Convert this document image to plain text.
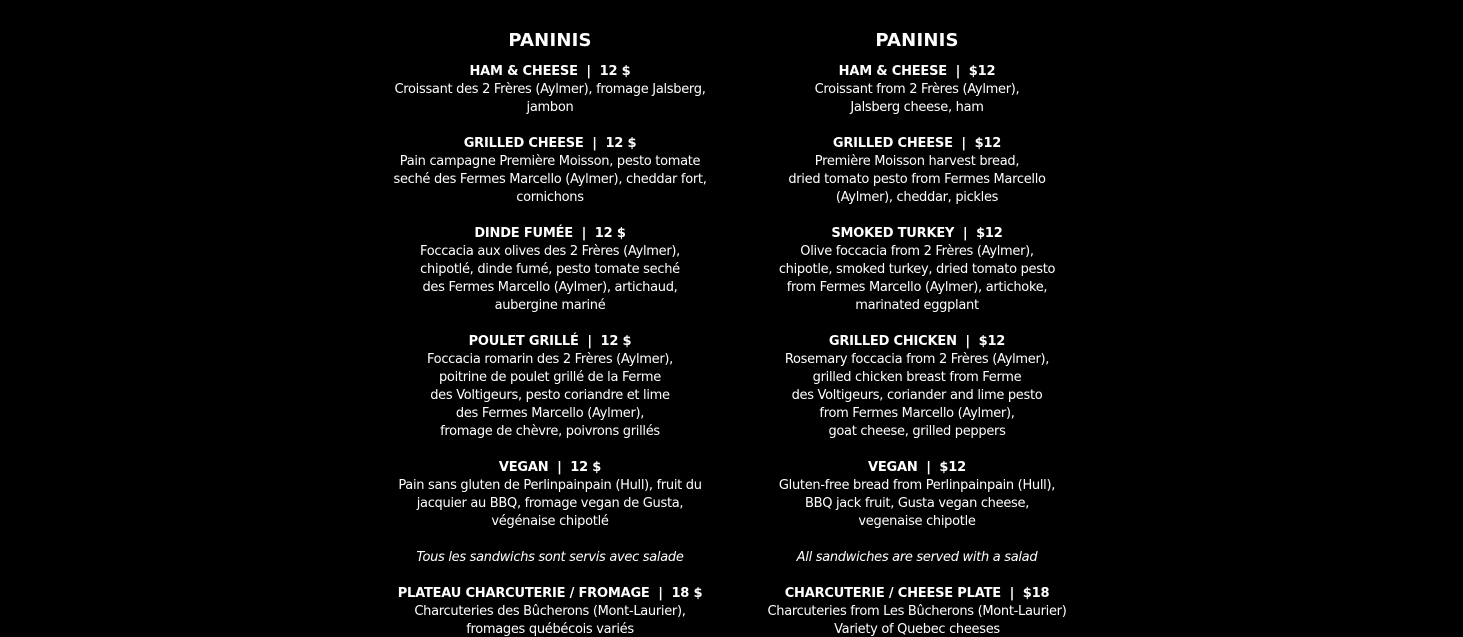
PANINIS
HAM & CHEESE  |  12 $
Croissant des 2 Frères (Aylmer), fromage Jalsberg,
jambon
GRILLED CHEESE  |  12 $
Pain campagne Première Moisson, pesto tomate
seché des Fermes Marcello (Aylmer), cheddar fort,
cornichons
DINDE FUMÉE  |  12 $
Foccacia aux olives des 2 Frères (Aylmer),
chipotlé, dinde fumé, pesto tomate seché
des Fermes Marcello (Aylmer), artichaud,
aubergine mariné
POULET GRILLÉ  |  12 $
Foccacia romarin des 2 Frères (Aylmer),
poitrine de poulet grillé de la Ferme
des Voltigeurs, pesto coriandre et lime
des Fermes Marcello (Aylmer),
fromage de chèvre, poivrons grillés
VEGAN  |  12 $
Pain sans gluten de Perlinpainpain (Hull), fruit du
jacquier au BBQ, fromage vegan de Gusta,
végénaise chipotlé
Tous les sandwichs sont servis avec salade
PLATEAU CHARCUTERIE / FROMAGE  |  18 $
Charcuteries des Bûcherons (Mont-Laurier),
fromages québécois variés
PANINIS
HAM & CHEESE  |  $12
Croissant from 2 Frères (Aylmer),
Jalsberg cheese, ham
GRILLED CHEESE  |  $12
Première Moisson harvest bread,
dried tomato pesto from Fermes Marcello
(Aylmer), cheddar, pickles
SMOKED TURKEY  |  $12
Olive foccacia from 2 Frères (Aylmer),
chipotle, smoked turkey, dried tomato pesto
from Fermes Marcello (Aylmer), artichoke,
marinated eggplant
GRILLED CHICKEN  |  $12
Rosemary foccacia from 2 Frères (Aylmer),
grilled chicken breast from Ferme
des Voltigeurs, coriander and lime pesto
from Fermes Marcello (Aylmer),
goat cheese, grilled peppers
VEGAN  |  $12
Gluten-free bread from Perlinpainpain (Hull),
BBQ jack fruit, Gusta vegan cheese,
vegenaise chipotle
All sandwiches are served with a salad
CHARCUTERIE / CHEESE PLATE  |  $18
Charcuteries from Les Bûcherons (Mont-Laurier)
Variety of Quebec cheeses
